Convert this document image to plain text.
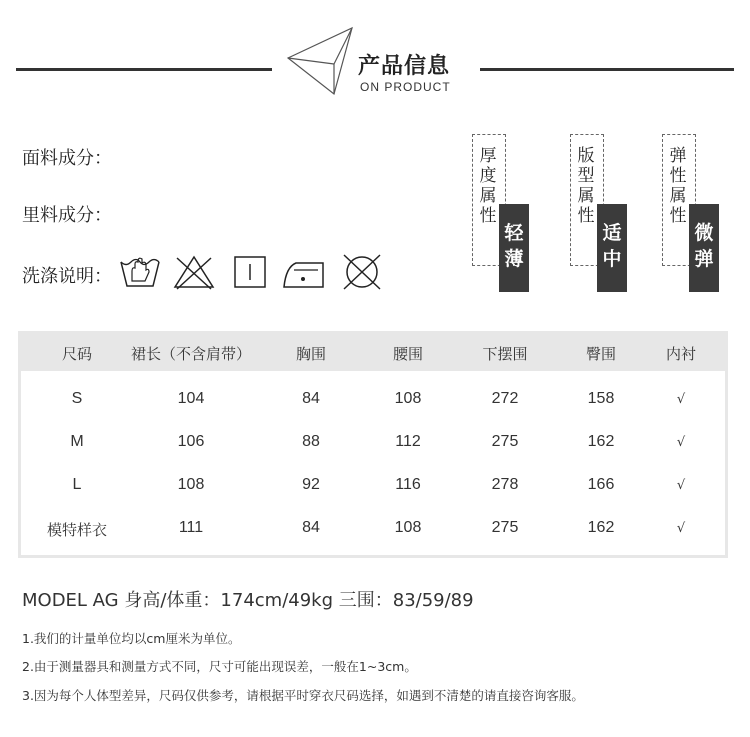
产品信息
ON PRODUCT
面料成分：
里料成分：
洗涤说明：
厚度属性
轻薄
版型属性
适中
弹性属性
微弹
尺码	裙长（不含肩带）	胸围	腰围	下摆围	臀围	内衬
S	104	84	108	272	158	√
M	106	88	112	275	162	√
L	108	92	116	278	166	√
模特样衣	111	84	108	275	162	√
MODEL AG 身高/体重：174cm/49kg 三围：83/59/89
1.我们的计量单位均以cm厘米为单位。
2.由于测量器具和测量方式不同，尺寸可能出现误差，一般在1~3cm。
3.因为每个人体型差异，尺码仅供参考，请根据平时穿衣尺码选择，如遇到不清楚的请直接咨询客服。
